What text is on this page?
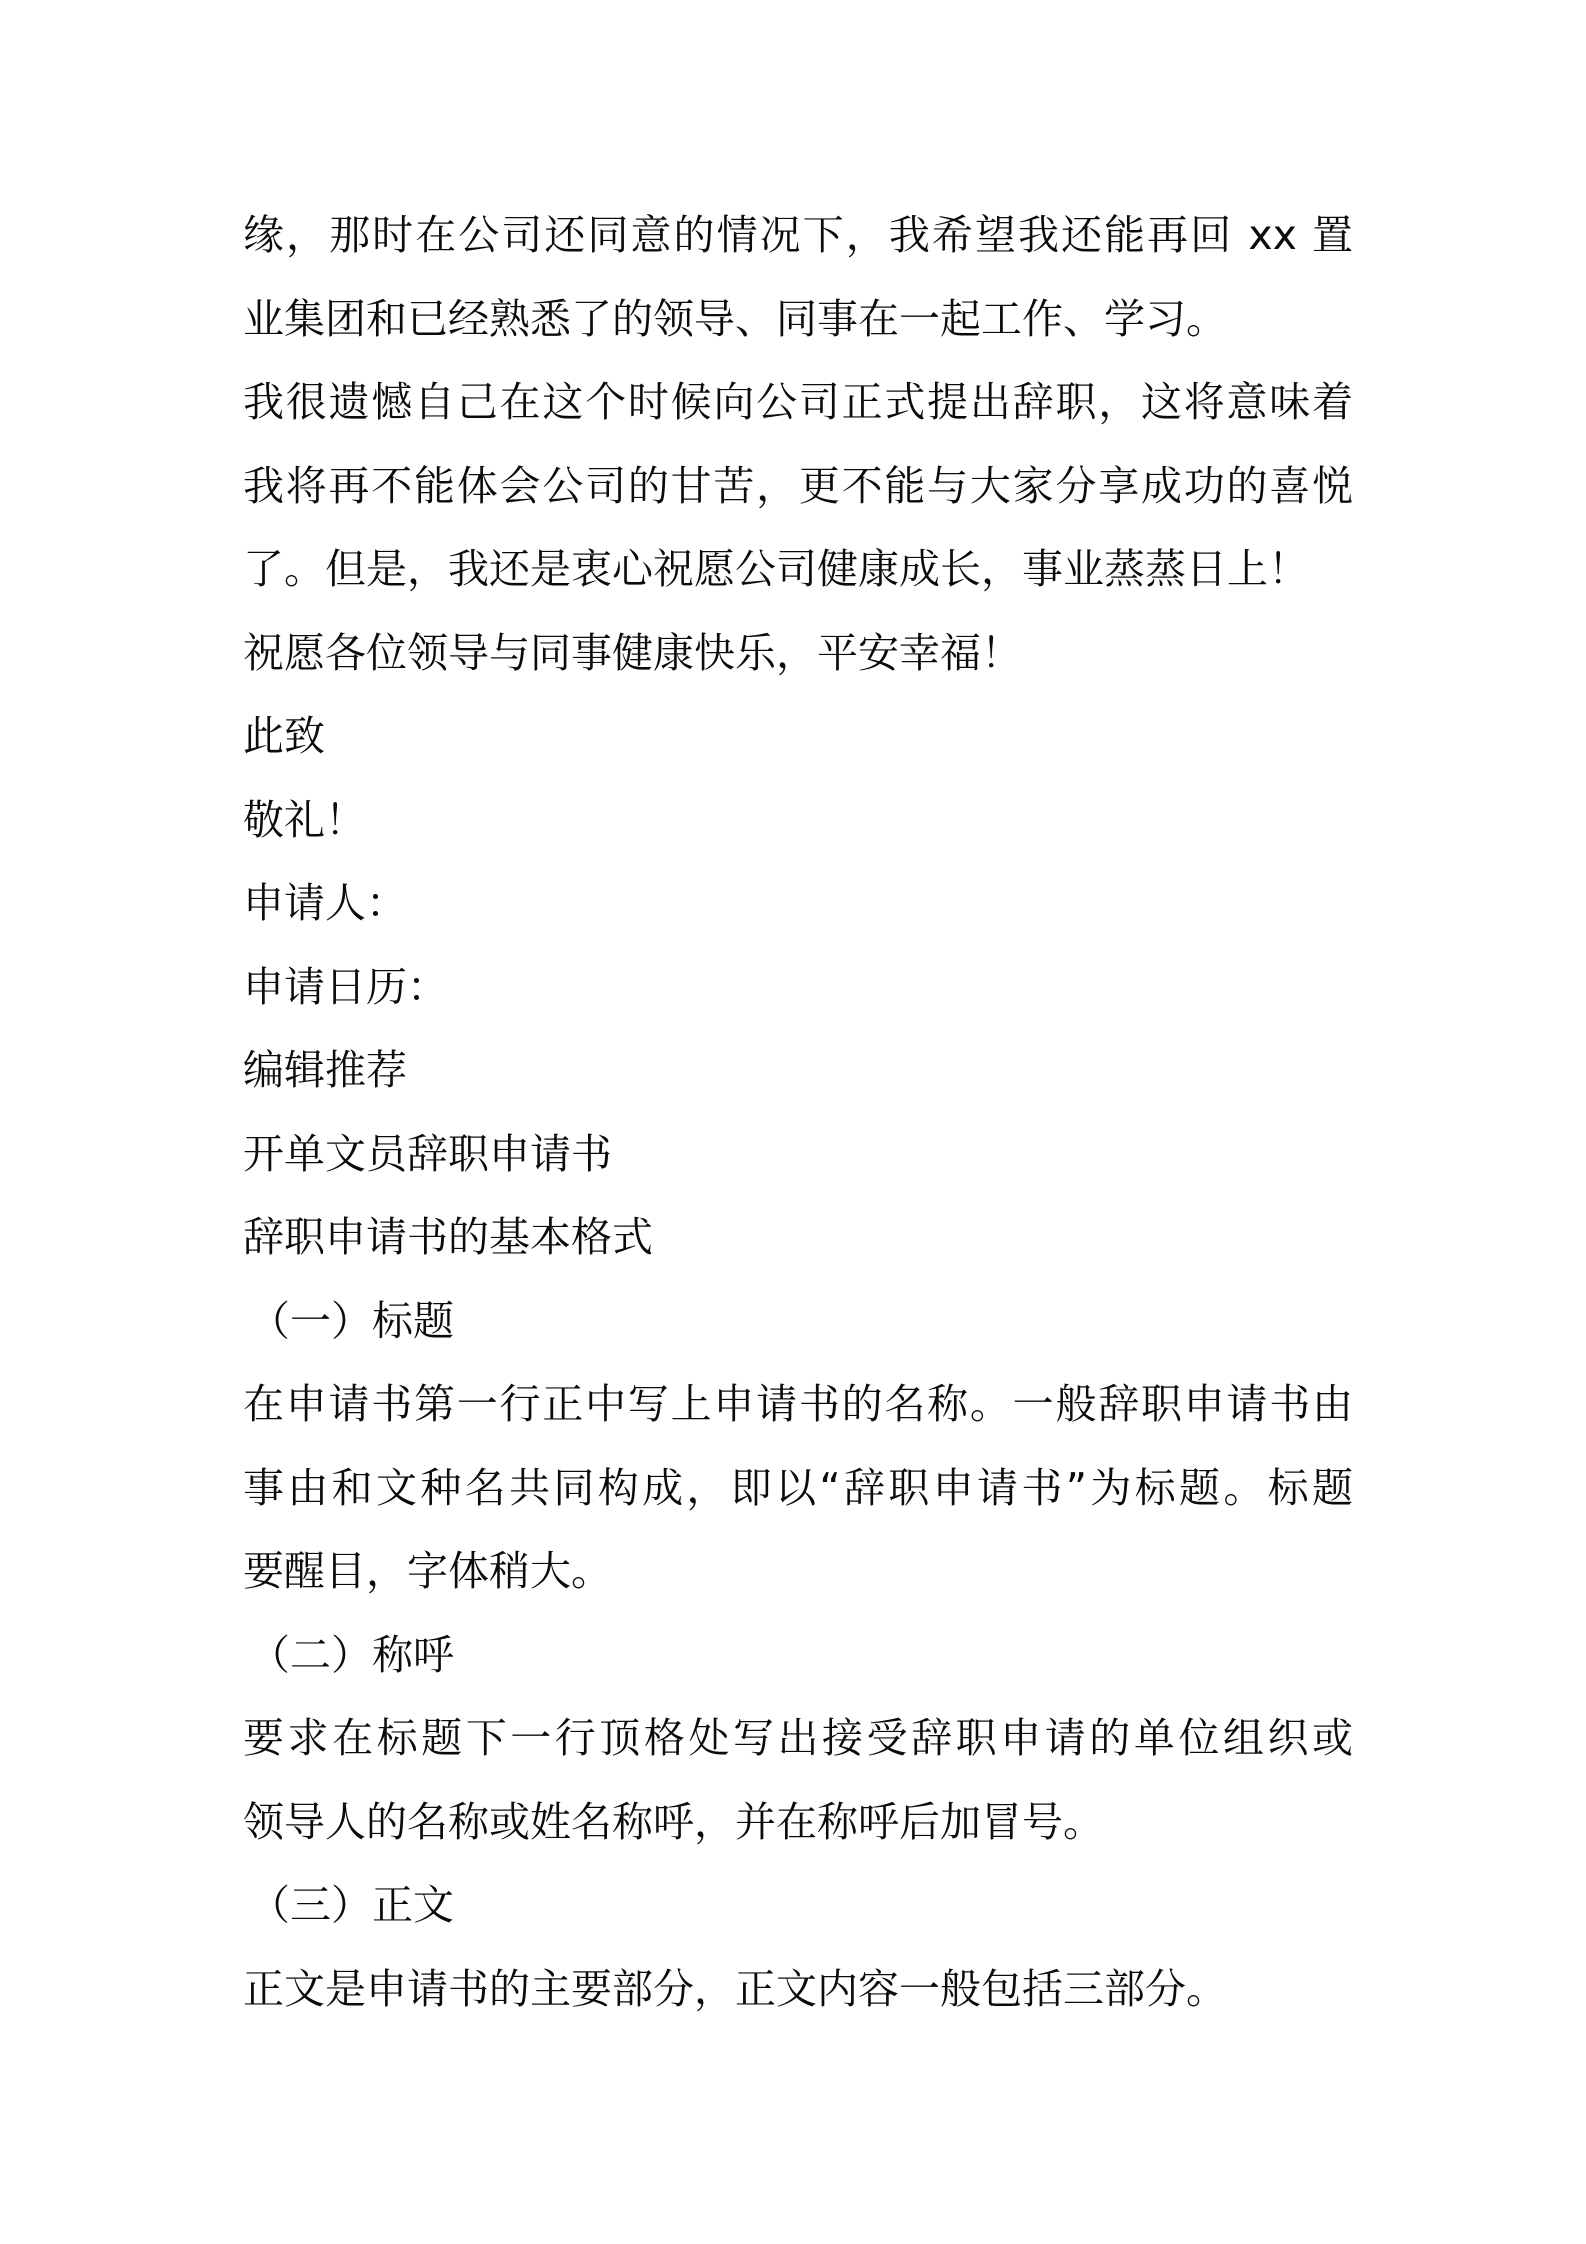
缘，那时在公司还同意的情况下，我希望我还能再回 xx 置
业集团和已经熟悉了的领导、同事在一起工作、学习。
我很遗憾自己在这个时候向公司正式提出辞职，这将意味着
我将再不能体会公司的甘苦，更不能与大家分享成功的喜悦
了。但是，我还是衷心祝愿公司健康成长，事业蒸蒸日上！
祝愿各位领导与同事健康快乐，平安幸福！
此致
敬礼！
申请人：
申请日历：
编辑推荐
开单文员辞职申请书
辞职申请书的基本格式
（一）标题
在申请书第一行正中写上申请书的名称。一般辞职申请书由
事由和文种名共同构成，即以“辞职申请书”为标题。标题
要醒目，字体稍大。
（二）称呼
要求在标题下一行顶格处写出接受辞职申请的单位组织或
领导人的名称或姓名称呼，并在称呼后加冒号。
（三）正文
正文是申请书的主要部分，正文内容一般包括三部分。
